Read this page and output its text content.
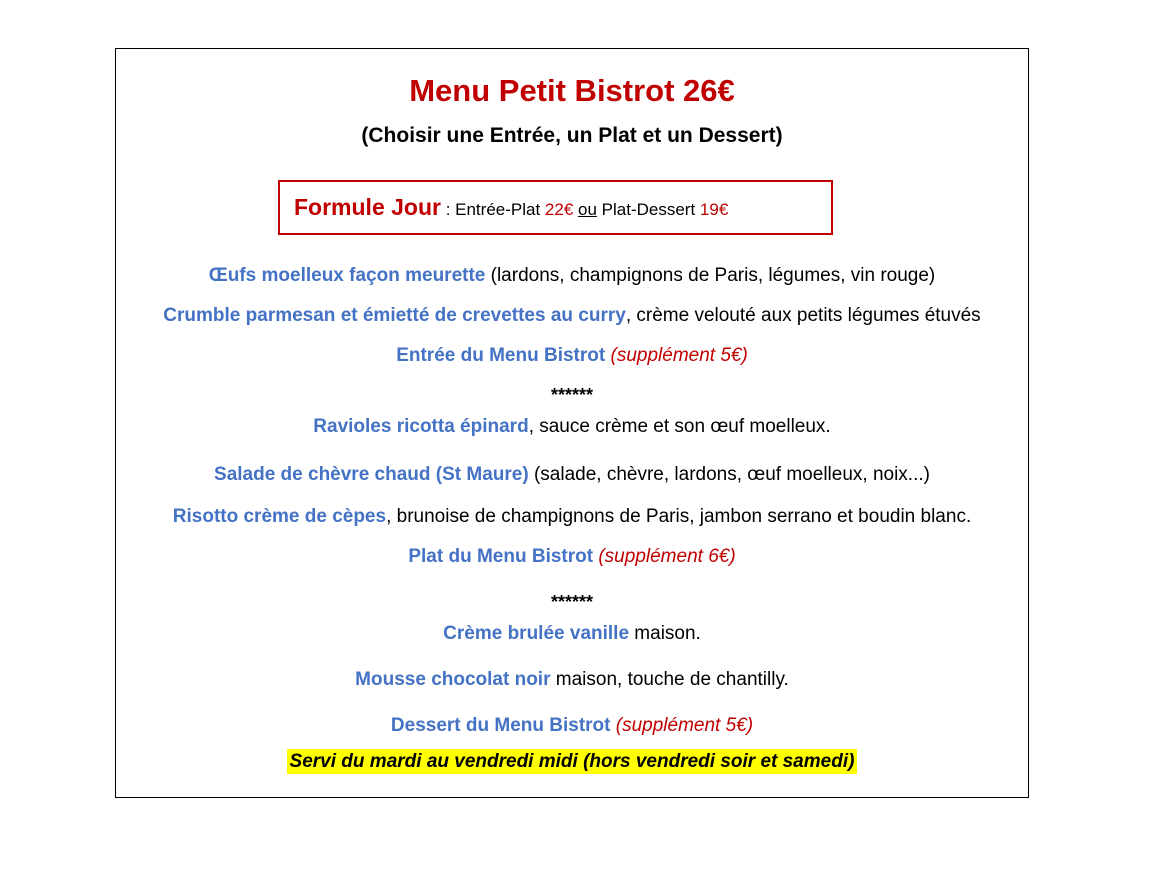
Menu Petit Bistrot 26€
(Choisir une Entrée, un Plat et un Dessert)
Formule Jour : Entrée-Plat 22€ ou Plat-Dessert 19€
Œufs moelleux façon meurette (lardons, champignons de Paris, légumes, vin rouge)
Crumble parmesan et émietté de crevettes au curry, crème velouté aux petits légumes étuvés
Entrée du Menu Bistrot (supplément 5€)
******
Ravioles ricotta épinard, sauce crème et son œuf moelleux.
Salade de chèvre chaud (St Maure) (salade, chèvre, lardons, œuf moelleux, noix...)
Risotto crème de cèpes, brunoise de champignons de Paris, jambon serrano et boudin blanc.
Plat du Menu Bistrot (supplément 6€)
******
Crème brulée vanille maison.
Mousse chocolat noir maison, touche de chantilly.
Dessert du Menu Bistrot (supplément 5€)
Servi du mardi au vendredi midi (hors vendredi soir et samedi)
